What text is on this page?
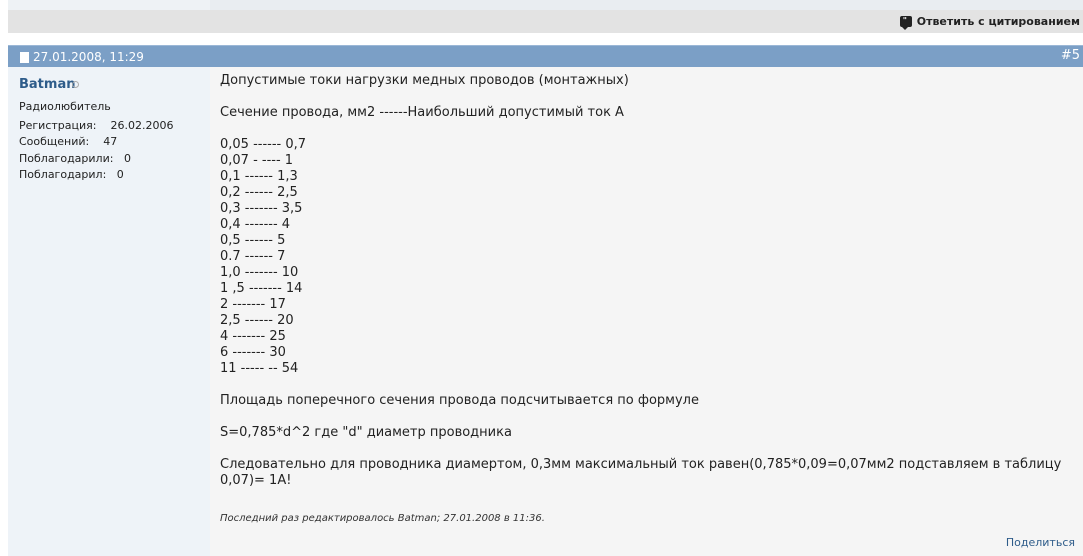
" Ответить с цитированием
27.01.2008, 11:29	#5
Batman
Радиолюбитель
Регистрация: 26.02.2006
Сообщений: 47
Поблагодарили: 0
Поблагодарил: 0
Допустимые токи нагрузки медных проводов (монтажных)
Сечение провода, мм2 ------Наибольший допустимый ток А
0,05 ------ 0,7
0,07 - ---- 1
0,1 ------ 1,3
0,2 ------ 2,5
0,3 ------- 3,5
0,4 ------- 4
0,5 ------ 5
0.7 ------ 7
1,0 ------- 10
1 ,5 ------- 14
2 ------- 17
2,5 ------ 20
4 ------- 25
6 ------- 30
11 ----- -- 54
Площадь поперечного сечения провода подсчитывается по формуле
S=0,785*d^2 где "d" диаметр проводника
Следовательно для проводника диамертом, 0,3мм максимальный ток равен(0,785*0,09=0,07мм2 подставляем в таблицу
0,07)= 1A!
Последний раз редактировалось Batman; 27.01.2008 в 11:36.
Поделиться
